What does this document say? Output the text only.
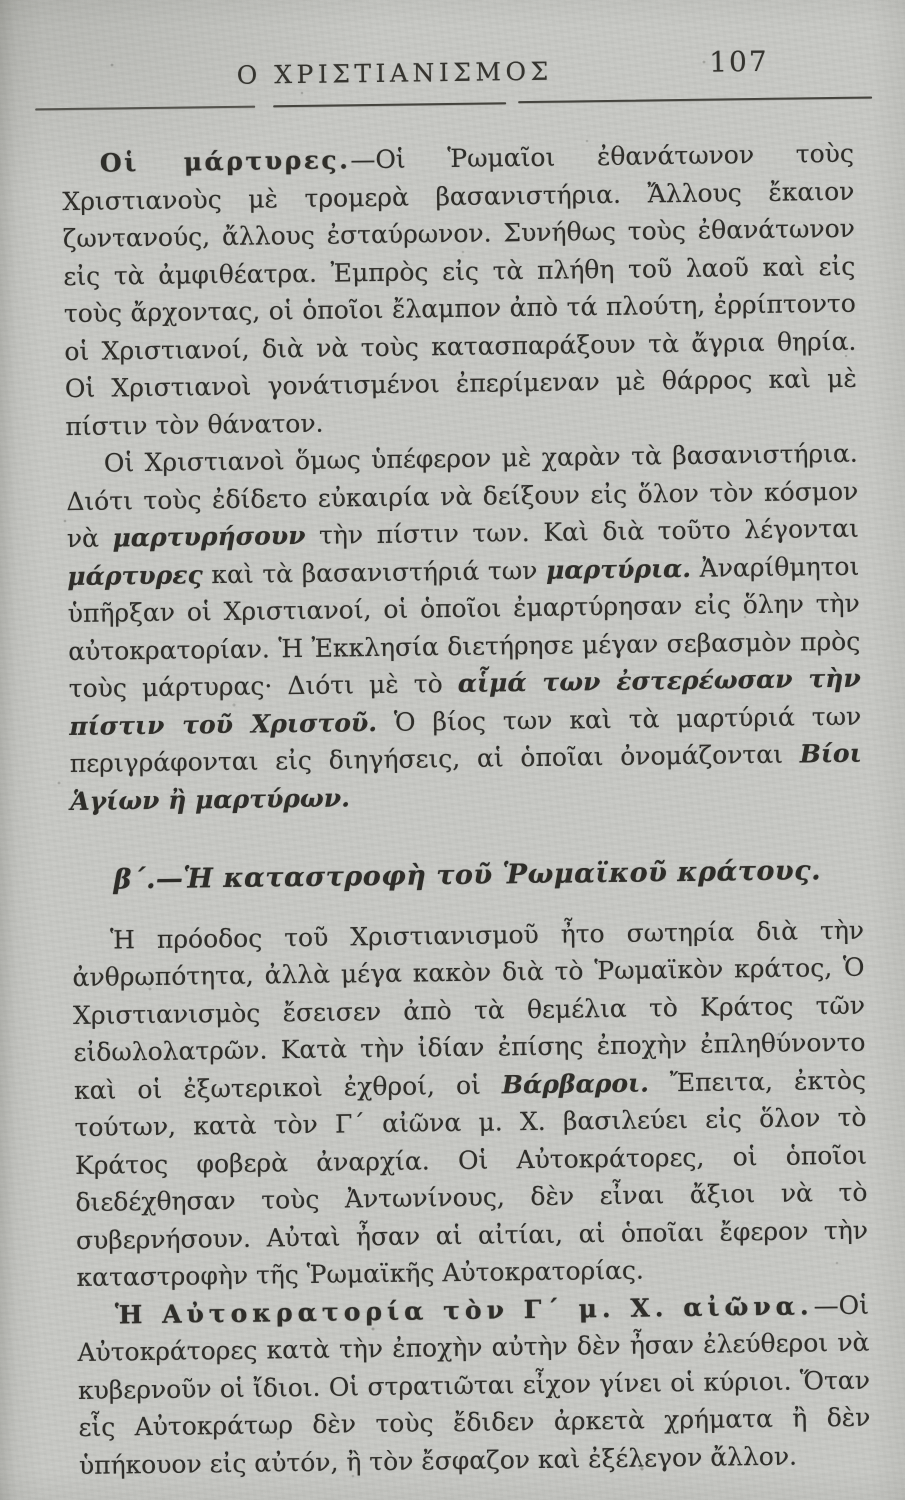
Ο ΧΡΙΣΤΙΑΝΙΣΜΟΣ	107

Οἱ μάρτυρες.—Οἱ Ῥωμαῖοι ἐθανάτωνον τοὺς Χριστιανοὺς μὲ τρομερὰ βασανιστήρια. Ἄλλους ἔκαιον ζωντανούς, ἄλλους ἐσταύρωνον. Συνήθως τοὺς ἐθανάτωνον εἰς τὰ ἀμφιθέατρα. Ἐμπρὸς εἰς τὰ πλήθη τοῦ λαοῦ καὶ εἰς τοὺς ἄρχοντας, οἱ ὁποῖοι ἔλαμπον ἀπὸ τά πλούτη, ἐρρίπτοντο οἱ Χριστιανοί, διὰ νὰ τοὺς κατασπαράξουν τὰ ἄγρια θηρία. Οἱ Χριστιανοὶ γονάτισμένοι ἐπερίμεναν μὲ θάρρος καὶ μὲ πίστιν τὸν θάνατον.

Οἱ Χριστιανοὶ ὅμως ὑπέφερον μὲ χαρὰν τὰ βασανιστήρια. Διότι τοὺς ἐδίδετο εὐκαιρία νὰ δείξουν εἰς ὅλον τὸν κόσμον νὰ μαρτυρήσουν τὴν πίστιν των. Καὶ διὰ τοῦτο λέγονται μάρτυρες καὶ τὰ βασανιστήριά των μαρτύρια. Ἀναρίθμητοι ὑπῆρξαν οἱ Χριστιανοί, οἱ ὁποῖοι ἐμαρτύρησαν εἰς ὅλην τὴν αὐτοκρατορίαν. Ἡ Ἐκκλησία διετήρησε μέγαν σεβασμὸν πρὸς τοὺς μάρτυρας· Διότι μὲ τὸ αἷμά των ἐστερέωσαν τὴν πίστιν τοῦ Χριστοῦ. Ὁ βίος των καὶ τὰ μαρτύριά των περιγράφονται εἰς διηγήσεις, αἱ ὁποῖαι ὀνομάζονται Βίοι Ἁγίων ἢ μαρτύρων.

β´.—Ἡ καταστροφὴ τοῦ Ῥωμαϊκοῦ κράτους.

Ἡ πρόοδος τοῦ Χριστιανισμοῦ ἦτο σωτηρία διὰ τὴν ἀνθρωπότητα, ἀλλὰ μέγα κακὸν διὰ τὸ Ῥωμαϊκὸν κράτος, Ὁ Χριστιανισμὸς ἔσεισεν ἀπὸ τὰ θεμέλια τὸ Κράτος τῶν εἰδωλολατρῶν. Κατὰ τὴν ἰδίαν ἐπίσης ἐποχὴν ἐπληθύνοντο καὶ οἱ ἐξωτερικοὶ ἐχθροί, οἱ Βάρβαροι. Ἔπειτα, ἐκτὸς τούτων, κατὰ τὸν Γ´ αἰῶνα μ. Χ. βασιλεύει εἰς ὅλον τὸ Κράτος φοβερὰ ἀναρχία. Οἱ Αὐτοκράτορες, οἱ ὁποῖοι διεδέχθησαν τοὺς Ἀντωνίνους, δὲν εἶναι ἄξιοι νὰ τὸ συβερνήσουν. Αὐταὶ ἦσαν αἱ αἰτίαι, αἱ ὁποῖαι ἔφερον τὴν καταστροφὴν τῆς Ῥωμαϊκῆς Αὐτοκρατορίας.

Ἡ Αὐτοκρατορία τὸν Γ´ μ. Χ. αἰῶνα.—Οἱ Αὐτοκράτορες κατὰ τὴν ἐποχὴν αὐτὴν δὲν ἦσαν ἐλεύθεροι νὰ κυβερνοῦν οἱ ἴδιοι. Οἱ στρατιῶται εἶχον γίνει οἱ κύριοι. Ὅταν εἷς Αὐτοκράτωρ δὲν τοὺς ἔδιδεν ἀρκετὰ χρήματα ἢ δὲν ὑπήκουον εἰς αὐτόν, ἢ τὸν ἔσφαζον καὶ ἐξέλεγον ἄλλον.
